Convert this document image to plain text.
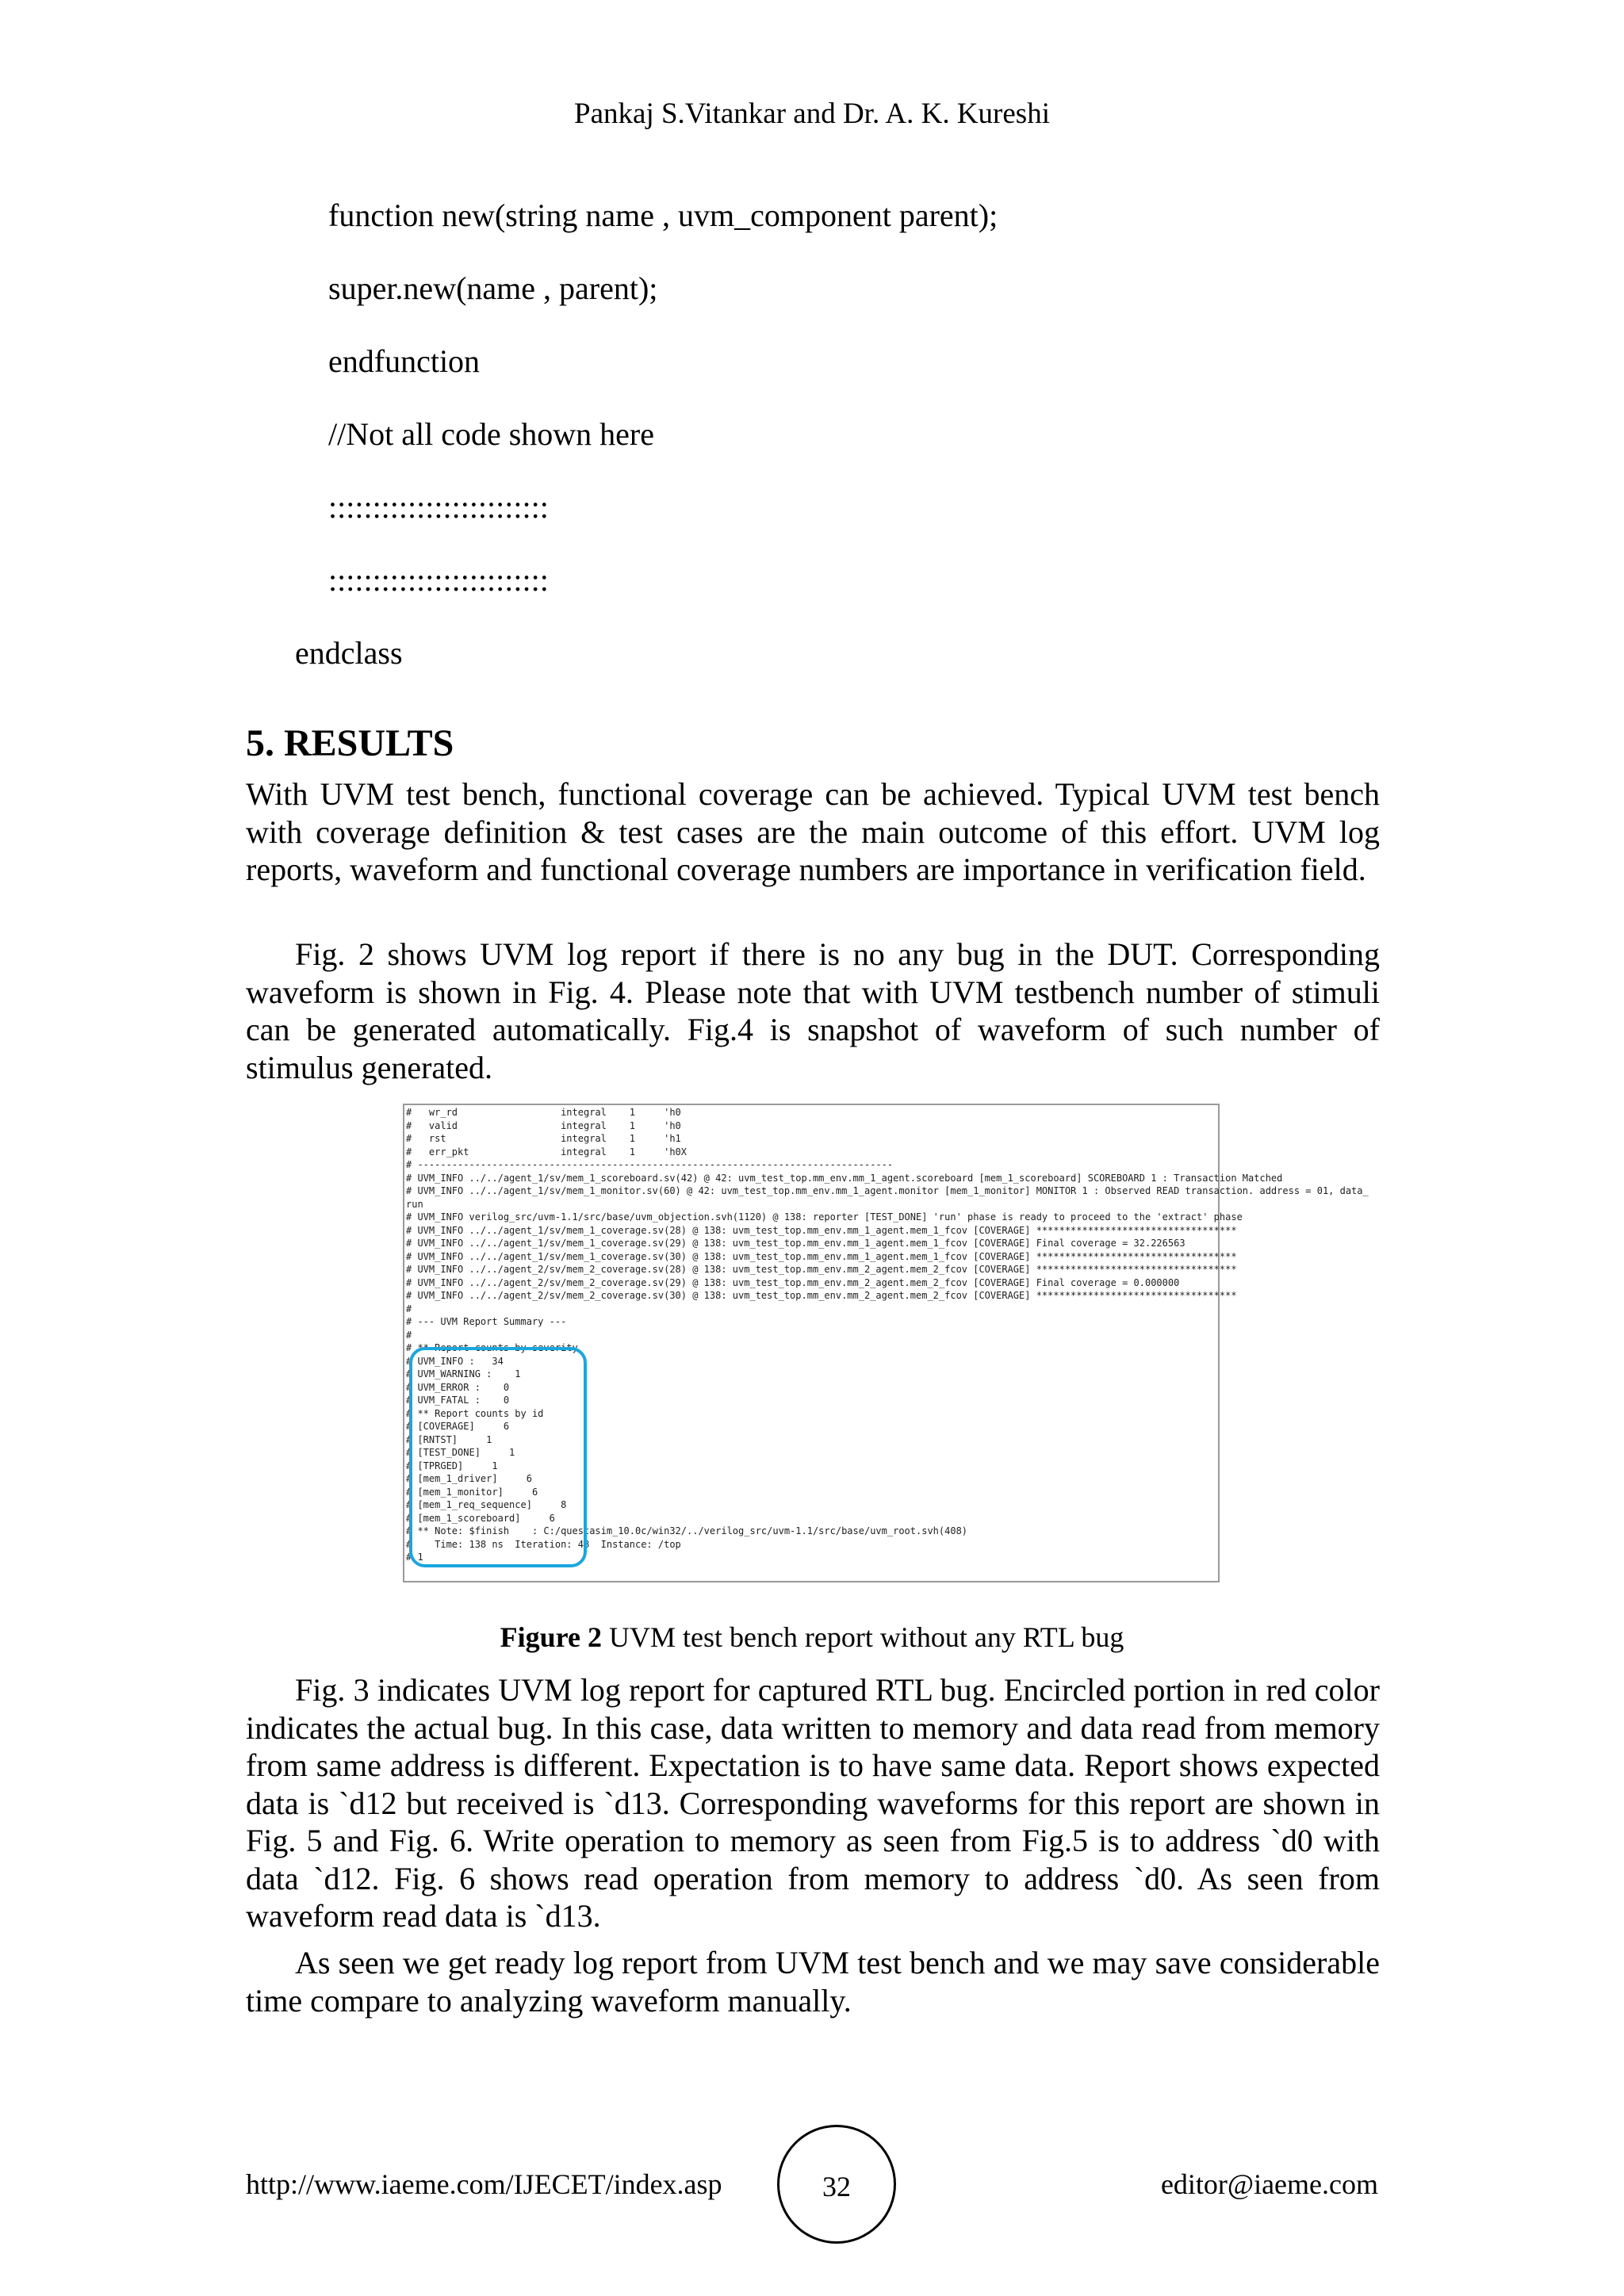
Pankaj S.Vitankar and Dr. A. K. Kureshi
function new(string name , uvm_component parent);
super.new(name , parent);
endfunction
//Not all code shown here
:::::::::::::::::::::::::
:::::::::::::::::::::::::
endclass
5. RESULTS

With UVM test bench, functional coverage can be achieved. Typical UVM test bench with coverage definition & test cases are the main outcome of this effort. UVM log reports, waveform and functional coverage numbers are importance in verification field.

Fig. 2 shows UVM log report if there is no any bug in the DUT. Corresponding waveform is shown in Fig. 4. Please note that with UVM testbench number of stimuli can be generated automatically. Fig.4 is snapshot of waveform of such number of stimulus generated.

#   wr_rd                  integral    1     'h0
#   valid                  integral    1     'h0
#   rst                    integral    1     'h1
#   err_pkt                integral    1     'h0X
# -----------------------------------------------------------------------------------
# UVM_INFO ../../agent_1/sv/mem_1_scoreboard.sv(42) @ 42: uvm_test_top.mm_env.mm_1_agent.scoreboard [mem_1_scoreboard] SCOREBOARD 1 : Transaction Matched
# UVM_INFO ../../agent_1/sv/mem_1_monitor.sv(60) @ 42: uvm_test_top.mm_env.mm_1_agent.monitor [mem_1_monitor] MONITOR 1 : Observed READ transaction. address = 01, data_
run
# UVM_INFO verilog_src/uvm-1.1/src/base/uvm_objection.svh(1120) @ 138: reporter [TEST_DONE] 'run' phase is ready to proceed to the 'extract' phase
# UVM_INFO ../../agent_1/sv/mem_1_coverage.sv(28) @ 138: uvm_test_top.mm_env.mm_1_agent.mem_1_fcov [COVERAGE] ***********************************
# UVM_INFO ../../agent_1/sv/mem_1_coverage.sv(29) @ 138: uvm_test_top.mm_env.mm_1_agent.mem_1_fcov [COVERAGE] Final coverage = 32.226563
# UVM_INFO ../../agent_1/sv/mem_1_coverage.sv(30) @ 138: uvm_test_top.mm_env.mm_1_agent.mem_1_fcov [COVERAGE] ***********************************
# UVM_INFO ../../agent_2/sv/mem_2_coverage.sv(28) @ 138: uvm_test_top.mm_env.mm_2_agent.mem_2_fcov [COVERAGE] ***********************************
# UVM_INFO ../../agent_2/sv/mem_2_coverage.sv(29) @ 138: uvm_test_top.mm_env.mm_2_agent.mem_2_fcov [COVERAGE] Final coverage = 0.000000
# UVM_INFO ../../agent_2/sv/mem_2_coverage.sv(30) @ 138: uvm_test_top.mm_env.mm_2_agent.mem_2_fcov [COVERAGE] ***********************************
#
# --- UVM Report Summary ---
#
# ** Report counts by severity
# UVM_INFO :   34
# UVM_WARNING :    1
# UVM_ERROR :    0
# UVM_FATAL :    0
# ** Report counts by id
# [COVERAGE]     6
# [RNTST]     1
# [TEST_DONE]     1
# [TPRGED]     1
# [mem_1_driver]     6
# [mem_1_monitor]     6
# [mem_1_req_sequence]     8
# [mem_1_scoreboard]     6
# ** Note: $finish    : C:/questasim_10.0c/win32/../verilog_src/uvm-1.1/src/base/uvm_root.svh(408)
#    Time: 138 ns  Iteration: 48  Instance: /top
# 1
Figure 2 UVM test bench report without any RTL bug

Fig. 3 indicates UVM log report for captured RTL bug. Encircled portion in red color indicates the actual bug. In this case, data written to memory and data read from memory from same address is different. Expectation is to have same data. Report shows expected data is `d12 but received is `d13. Corresponding waveforms for this report are shown in Fig. 5 and Fig. 6. Write operation to memory as seen from Fig.5 is to address `d0 with data `d12. Fig. 6 shows read operation from memory to address `d0. As seen from waveform read data is `d13.

As seen we get ready log report from UVM test bench and we may save considerable time compare to analyzing waveform manually.

http://www.iaeme.com/IJECET/index.asp	32	editor@iaeme.com
